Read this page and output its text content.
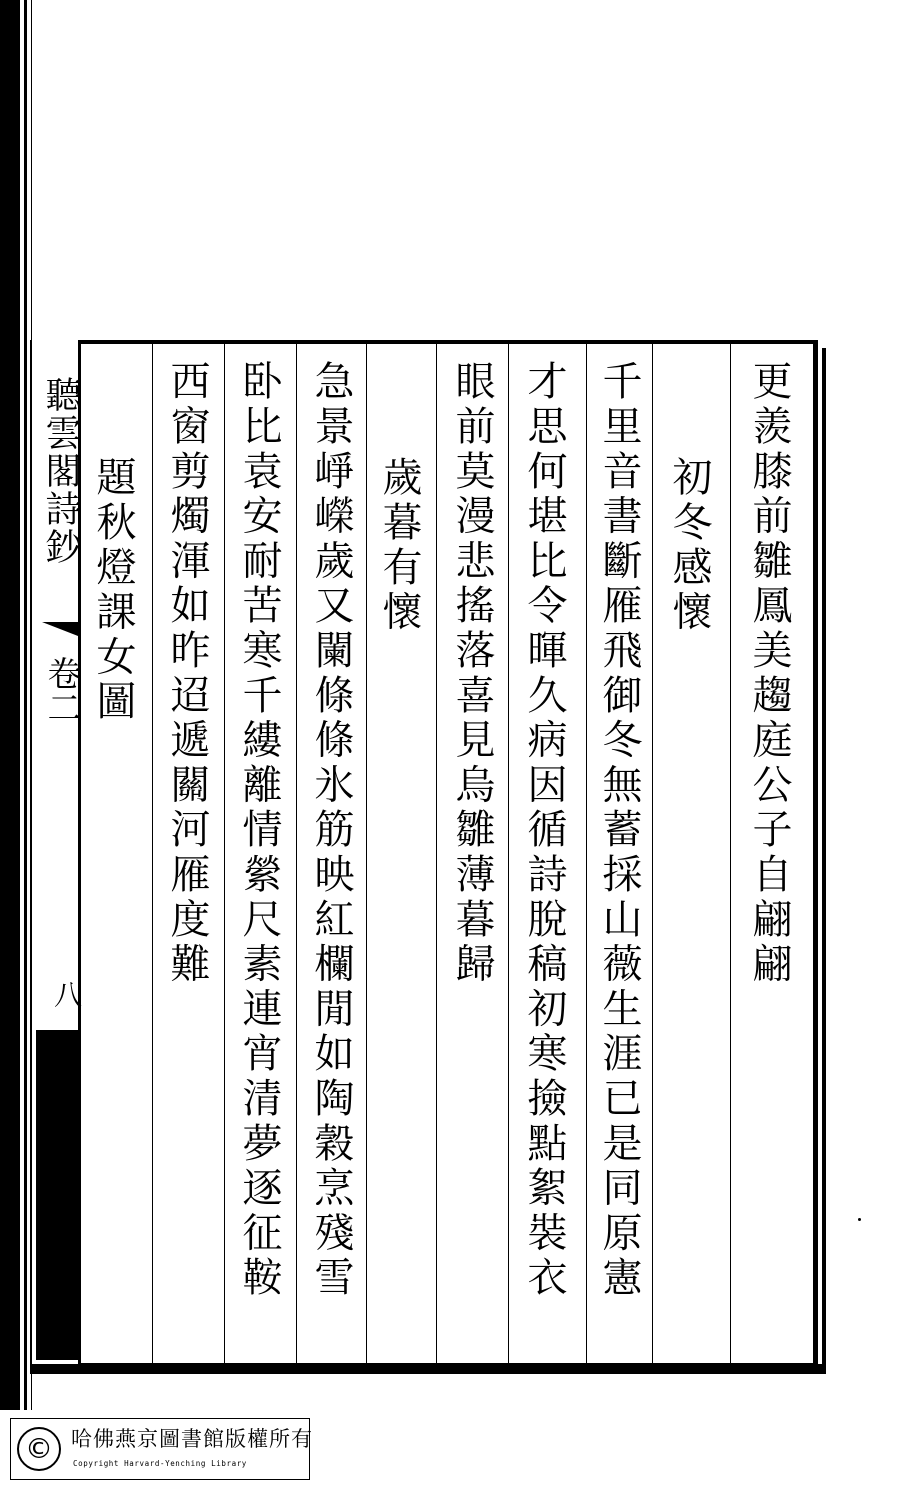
聽雲閣詩鈔
卷二
八
更羨膝前雛鳳美趨庭公子自翩翩
初冬感懷
千里音書斷雁飛御冬無蓄採山薇生涯已是同原憲
才思何堪比令暉久病因循詩脫稿初寒撿點絮裝衣
眼前莫漫悲搖落喜見烏雛薄暮歸
歲暮有懷
急景崢嶸歲又闌條條氷筋映紅欄閒如陶穀烹殘雪
卧比袁安耐苦寒千縷離情縈尺素連宵清夢逐征鞍
西窗剪燭渾如昨迢遞關河雁度難
題秋燈課女圖
© 哈佛燕京圖書館版權所有
Copyright Harvard-Yenching Library
